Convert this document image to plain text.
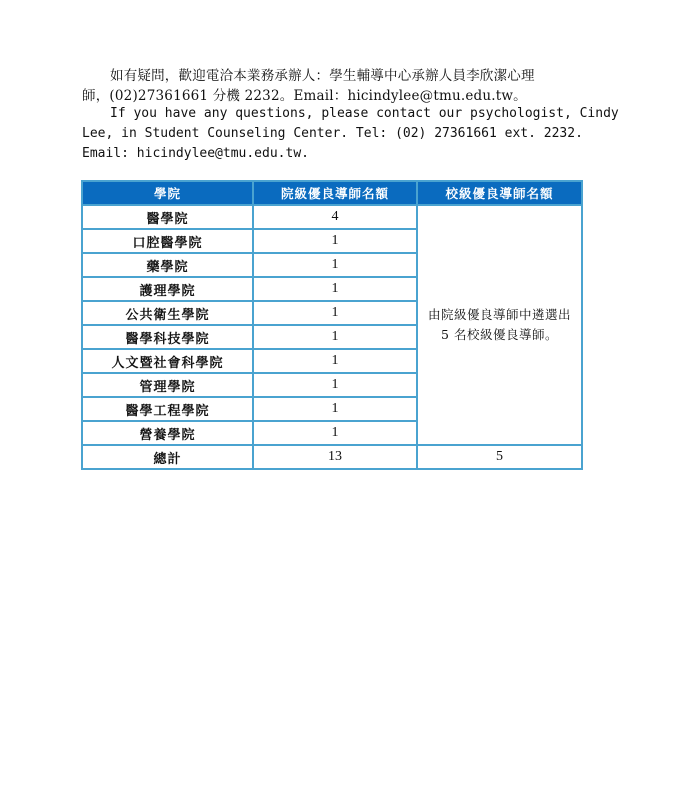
如有疑問，歡迎電洽本業務承辦人：學生輔導中心承辦人員李欣潔心理
師，(02)27361661 分機 2232。Email：hicindylee@tmu.edu.tw。
If you have any questions, please contact our psychologist, Cindy
Lee, in Student Counseling Center. Tel: (02) 27361661 ext. 2232.
Email: hicindylee@tmu.edu.tw.
學院	院級優良導師名額	校級優良導師名額
醫學院	4	由院級優良導師中遴選出
5 名校級優良導師。
口腔醫學院	1	
藥學院	1	
護理學院	1	
公共衛生學院	1	
醫學科技學院	1	
人文暨社會科學院	1	
管理學院	1	
醫學工程學院	1	
營養學院	1	
總計	13	5
